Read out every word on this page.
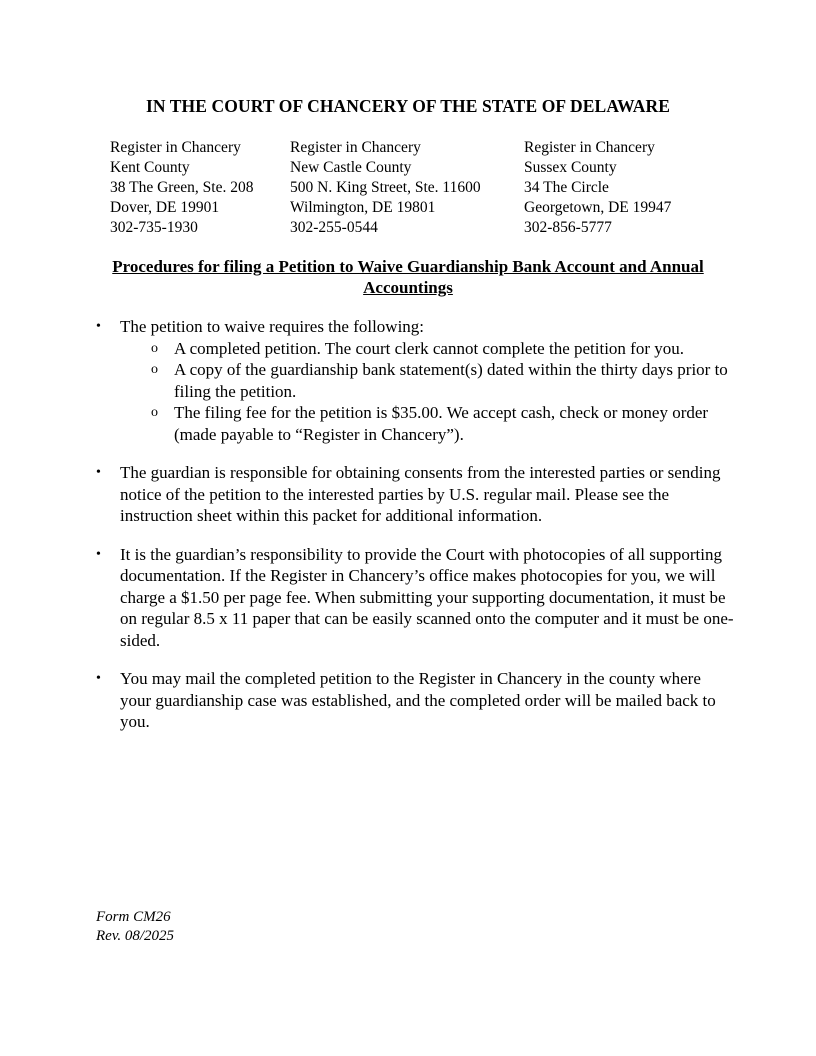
IN THE COURT OF CHANCERY OF THE STATE OF DELAWARE
Register in Chancery
Kent County
38 The Green, Ste. 208
Dover, DE 19901
302-735-1930
Register in Chancery
New Castle County
500 N. King Street, Ste. 11600
Wilmington, DE 19801
302-255-0544
Register in Chancery
Sussex County
34 The Circle
Georgetown, DE 19947
302-856-5777
Procedures for filing a Petition to Waive Guardianship Bank Account and Annual Accountings
• The petition to waive requires the following:
o A completed petition. The court clerk cannot complete the petition for you.
o A copy of the guardianship bank statement(s) dated within the thirty days prior to filing the petition.
o The filing fee for the petition is $35.00. We accept cash, check or money order (made payable to “Register in Chancery”).
• The guardian is responsible for obtaining consents from the interested parties or sending notice of the petition to the interested parties by U.S. regular mail. Please see the instruction sheet within this packet for additional information.
• It is the guardian’s responsibility to provide the Court with photocopies of all supporting documentation. If the Register in Chancery’s office makes photocopies for you, we will charge a $1.50 per page fee. When submitting your supporting documentation, it must be on regular 8.5 x 11 paper that can be easily scanned onto the computer and it must be one-sided.
• You may mail the completed petition to the Register in Chancery in the county where your guardianship case was established, and the completed order will be mailed back to you.
Form CM26
Rev. 08/2025
